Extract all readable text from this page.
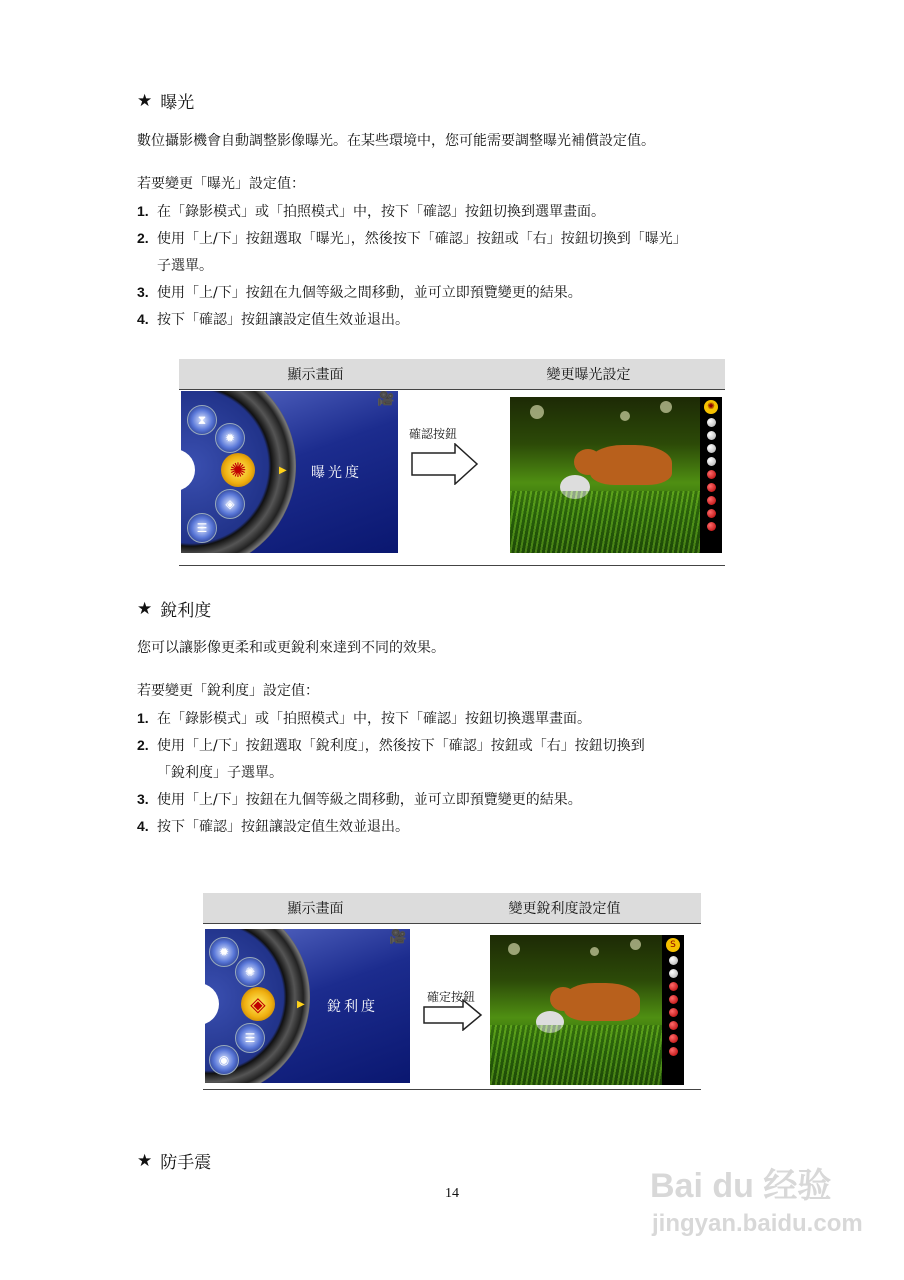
★ 曝光
數位攝影機會自動調整影像曝光。在某些環境中，您可能需要調整曝光補償設定值。
若要變更「曝光」設定值：
1. 在「錄影模式」或「拍照模式」中，按下「確認」按鈕切換到選單畫面。
2. 使用「上/下」按鈕選取「曝光」，然後按下「確認」按鈕或「右」按鈕切換到「曝光」
子選單。
3. 使用「上/下」按鈕在九個等級之間移動，並可立即預覽變更的結果。
4. 按下「確認」按鈕讓設定值生效並退出。
顯示畫面	變更曝光設定
⧗
✹
✺
◈
☰
▶ 曝光度
🎥
確認按鈕
✺
★ 銳利度
您可以讓影像更柔和或更銳利來達到不同的效果。
若要變更「銳利度」設定值：
1. 在「錄影模式」或「拍照模式」中，按下「確認」按鈕切換選單畫面。
2. 使用「上/下」按鈕選取「銳利度」，然後按下「確認」按鈕或「右」按鈕切換到
「銳利度」子選單。
3. 使用「上/下」按鈕在九個等級之間移動，並可立即預覽變更的結果。
4. 按下「確認」按鈕讓設定值生效並退出。
顯示畫面	變更銳利度設定值
✹
✺
◈
☰
◉
▶ 銳利度
🎥
確定按鈕
S
★ 防手震
14	Bai du 经验
jingyan.baidu.com
